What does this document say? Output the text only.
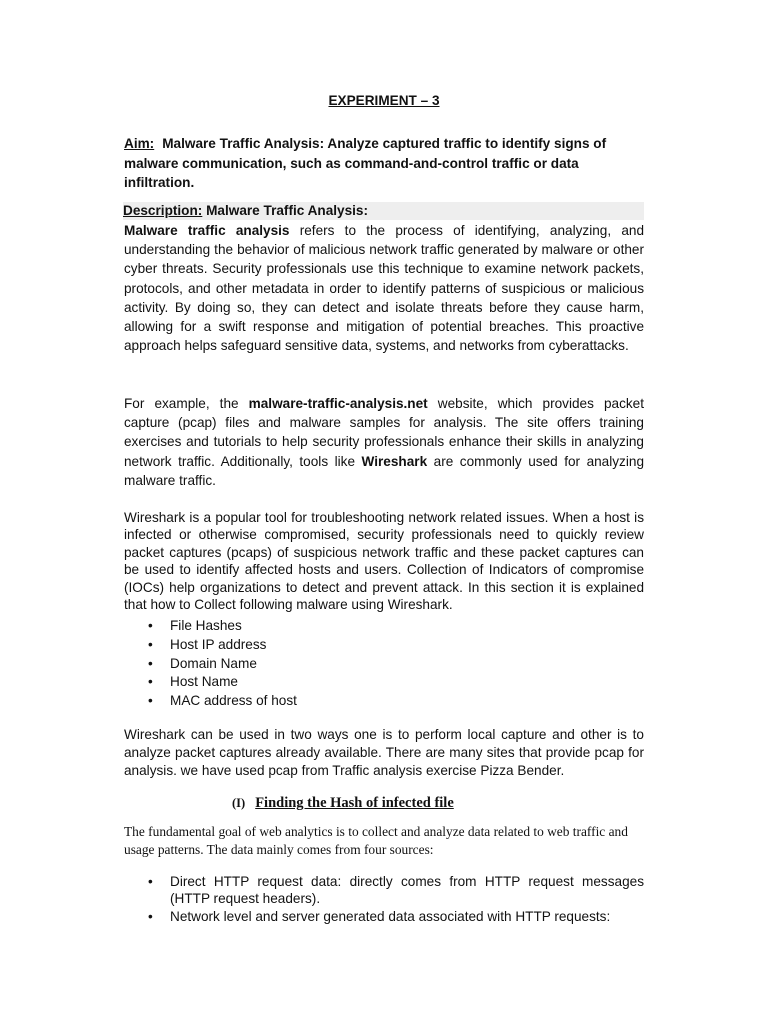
EXPERIMENT – 3
Aim: Malware Traffic Analysis: Analyze captured traffic to identify signs of malware communication, such as command-and-control traffic or data infiltration.
Description: Malware Traffic Analysis:

Malware traffic analysis refers to the process of identifying, analyzing, and understanding the behavior of malicious network traffic generated by malware or other cyber threats. Security professionals use this technique to examine network packets, protocols, and other metadata in order to identify patterns of suspicious or malicious activity. By doing so, they can detect and isolate threats before they cause harm, allowing for a swift response and mitigation of potential breaches. This proactive approach helps safeguard sensitive data, systems, and networks from cyberattacks.

For example, the malware-traffic-analysis.net website, which provides packet capture (pcap) files and malware samples for analysis. The site offers training exercises and tutorials to help security professionals enhance their skills in analyzing network traffic. Additionally, tools like Wireshark are commonly used for analyzing malware traffic.

Wireshark is a popular tool for troubleshooting network related issues. When a host is infected or otherwise compromised, security professionals need to quickly review packet captures (pcaps) of suspicious network traffic and these packet captures can be used to identify affected hosts and users. Collection of Indicators of compromise (IOCs) help organizations to detect and prevent attack. In this section it is explained that how to Collect following malware using Wireshark.

• File Hashes
• Host IP address
• Domain Name
• Host Name
• MAC address of host

Wireshark can be used in two ways one is to perform local capture and other is to analyze packet captures already available. There are many sites that provide pcap for analysis. we have used pcap from Traffic analysis exercise Pizza Bender.

(I) Finding the Hash of infected file

The fundamental goal of web analytics is to collect and analyze data related to web traffic and usage patterns. The data mainly comes from four sources:

• Direct HTTP request data: directly comes from HTTP request messages (HTTP request headers).
• Network level and server generated data associated with HTTP requests:
